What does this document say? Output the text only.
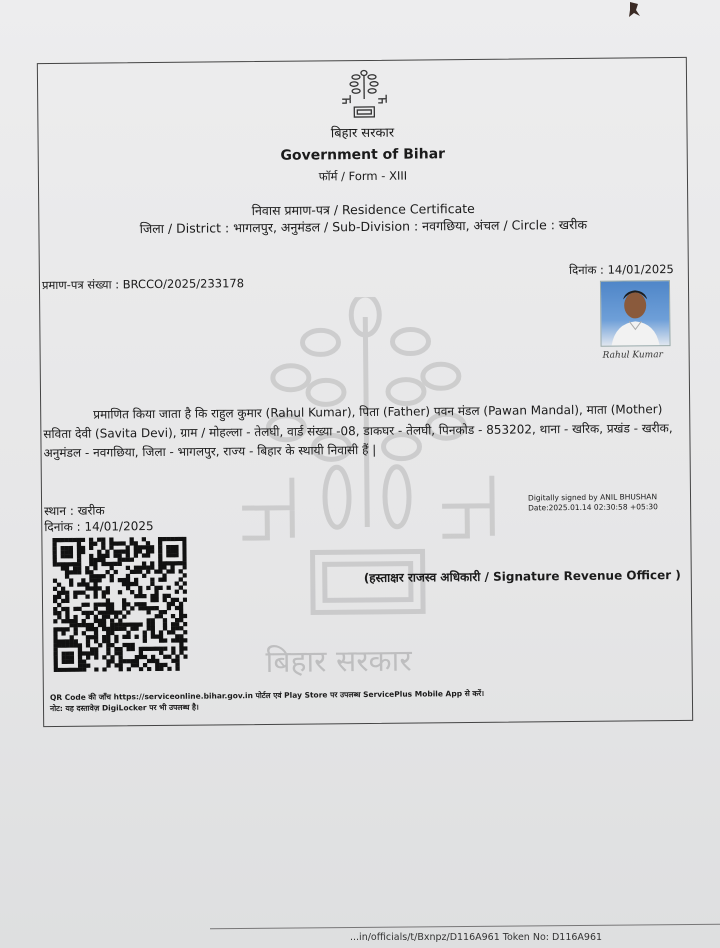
बिहार सरकार
Government of Bihar
फॉर्म / Form - XIII
निवास प्रमाण-पत्र / Residence Certificate
जिला / District : भागलपुर, अनुमंडल / Sub-Division : नवगछिया, अंचल / Circle : खरीक
प्रमाण-पत्र संख्या : BRCCO/2025/233178
दिनांक : 14/01/2025
Rahul Kumar
बिहार सरकार
प्रमाणित किया जाता है कि राहुल कुमार (Rahul Kumar), पिता (Father) पवन मंडल (Pawan Mandal), माता (Mother) सविता देवी (Savita Devi), ग्राम / मोहल्ला - तेलघी, वार्ड संख्या -08, डाकघर - तेलघी, पिनकोड - 853202, थाना - खरिक, प्रखंड - खरीक, अनुमंडल - नवगछिया, जिला - भागलपुर, राज्य - बिहार के स्थायी निवासी हैं |
स्थान : खरीक
दिनांक : 14/01/2025
Digitally signed by ANIL BHUSHAN
Date:2025.01.14 02:30:58 +05:30
(हस्ताक्षर राजस्व अधिकारी / Signature Revenue Officer )
QR Code की जाँच https://serviceonline.bihar.gov.in पोर्टल एवं Play Store पर उपलब्ध ServicePlus Mobile App से करें।
नोट: यह दस्तावेज़ DigiLocker पर भी उपलब्ध है।
...in/officials/t/Bxnpz/D116A961 Token No: D116A961
